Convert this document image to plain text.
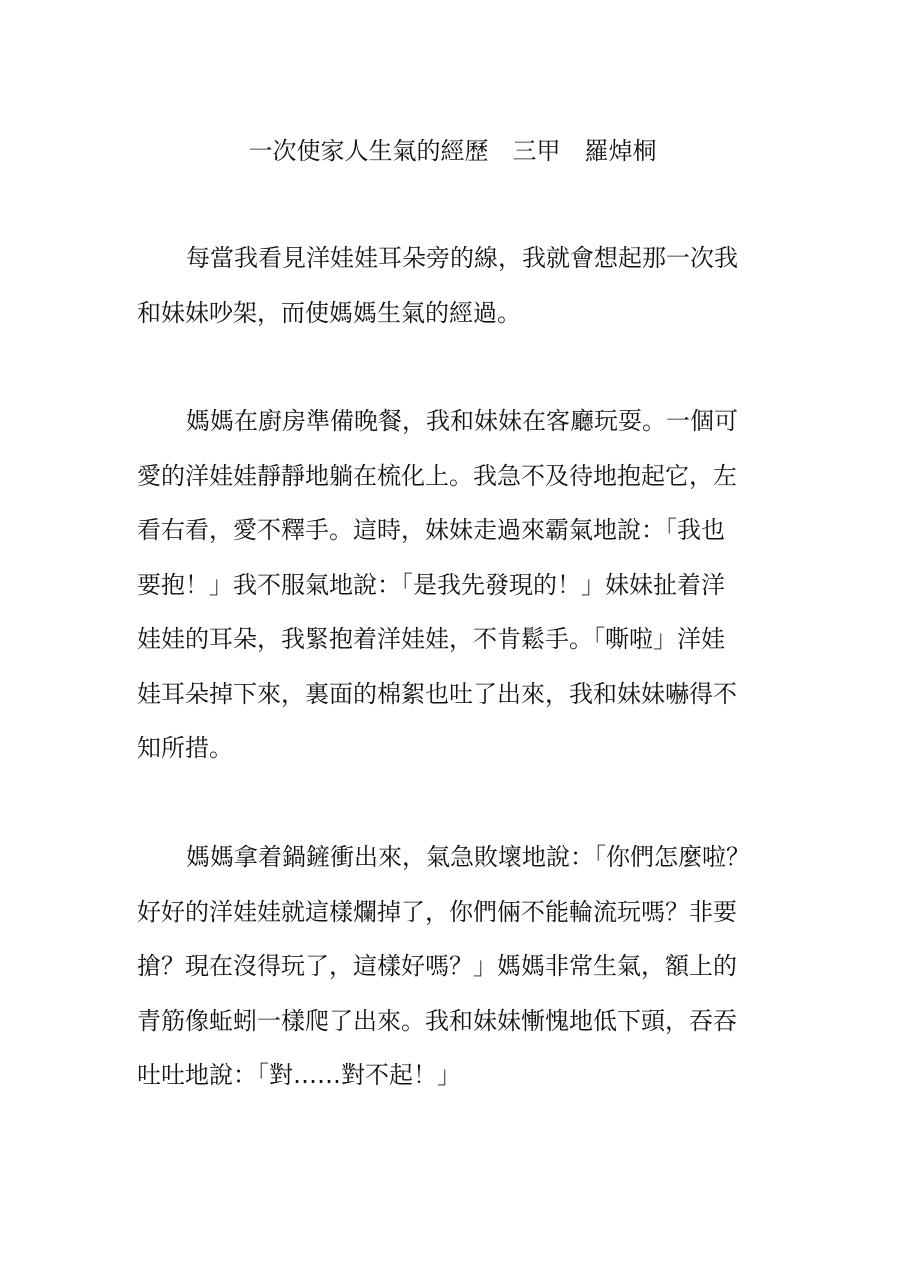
一次使家人生氣的經歷　三甲　羅焯桐
每當我看見洋娃娃耳朵旁的線，我就會想起那一次我
和妹妹吵架，而使媽媽生氣的經過。
媽媽在廚房準備晚餐，我和妹妹在客廳玩耍。一個可
愛的洋娃娃靜靜地躺在梳化上。我急不及待地抱起它，左
看右看，愛不釋手。這時，妹妹走過來霸氣地說：「我也
要抱！」我不服氣地說：「是我先發現的！」妹妹扯着洋
娃娃的耳朵，我緊抱着洋娃娃，不肯鬆手。「嘶啦」洋娃
娃耳朵掉下來，裏面的棉絮也吐了出來，我和妹妹嚇得不
知所措。
媽媽拿着鍋鏟衝出來，氣急敗壞地說：「你們怎麼啦？
好好的洋娃娃就這樣爛掉了，你們倆不能輪流玩嗎？非要
搶？現在沒得玩了，這樣好嗎？」媽媽非常生氣，額上的
青筋像蚯蚓一樣爬了出來。我和妹妹慚愧地低下頭，吞吞
吐吐地說：「對……對不起！」
